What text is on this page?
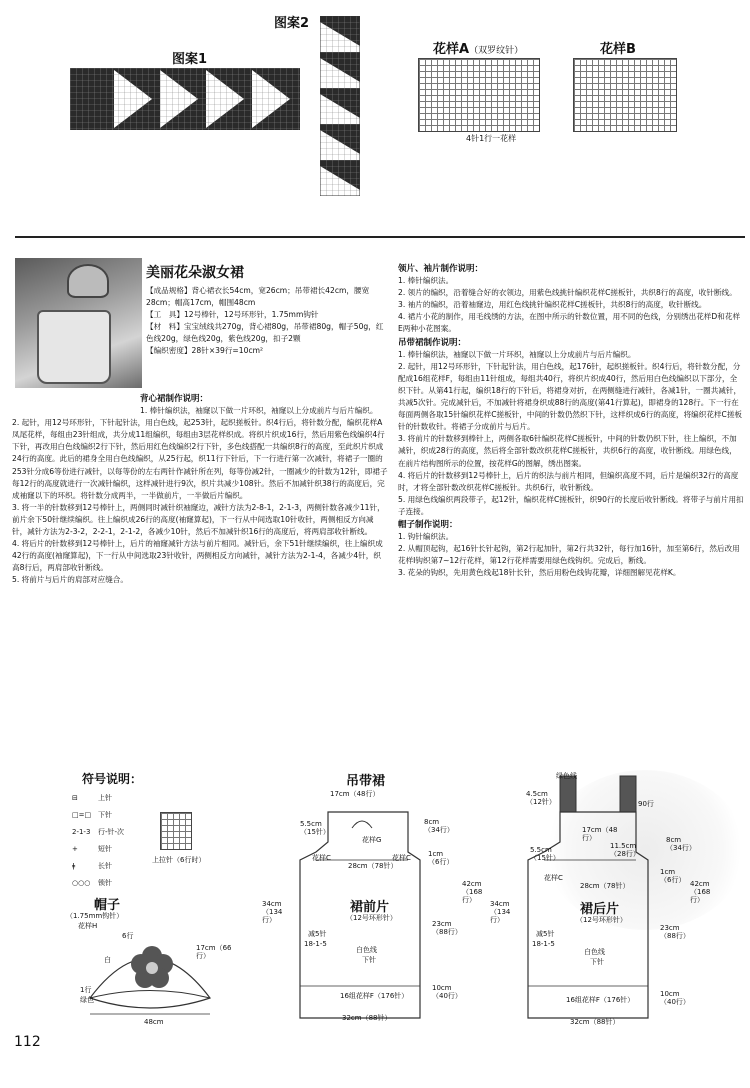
图案2
图案1
花样A（双罗纹针）	花样B
4针1行一花样
美丽花朵淑女裙
【成品规格】背心裙衣长54cm，宽26cm；吊带裙长42cm，腰宽28cm；帽高17cm，帽围48cm
【工　具】12号棒针，12号环形针，1.75mm钩针
【材　料】宝宝绒线共270g，背心裙80g，吊带裙80g，帽子50g，红色线20g，绿色线20g，紫色线20g，扣子2颗
【编织密度】28针×39行=10cm²
背心裙制作说明：
1. 棒针编织法，袖窿以下做一片环织，袖窿以上分成前片与后片编织。
2. 起针，用12号环形针，下针起针法，用白色线，起253针，起织搓板针。织4行后，将针数分配，编织花样A凤尾花样，每组由23针组成，共分成11组编织，每组由3层花样织成。将织片织成16行，然后用紫色线编织4行下针，再改用白色线编织2行下针，然后用红色线编织2行下针，多色线搭配一共编织8行的高度，至此织片织成24行的高度。此后的裙身全用白色线编织，从25行起，织11行下针后，下一行进行第一次减针，将裙子一圈的253针分成6等份进行减针，以每等份的左右两针作减针所在列，每等份减2针，一圈减少的针数为12针，即裙子每12行的高度就进行一次减针编织，这样减针进行9次，织片共减少108针。然后不加减针织38行的高度后，完成袖窿以下的环织。将针数分成两半，一半做前片，一半做后片编织。
3. 将一半的针数移到12号棒针上，两侧同时减针织袖窿边，减针方法为2-8-1，2-1-3，两侧针数各减少11针，前片余下50针继续编织。往上编织成26行的高度(袖窿算起)，下一行从中间选取10针收针，两侧相反方向减针，减针方法为2-3-2，2-2-1，2-1-2，各减少10针，然后不加减针织16行的高度后，将两肩部收针断线。
4. 将后片的针数移到12号棒针上，后片的袖窿减针方法与前片相同。减针后，余下51针继续编织，往上编织成42行的高度(袖窿算起)，下一行从中间选取23针收针，两侧相反方向减针，减针方法为2-1-4，各减少4针，织高8行后，两肩部收针断线。
5. 将前片与后片的肩部对应缝合。
领片、袖片制作说明：
1. 棒针编织法。
2. 领片的编织，沿着缝合好的衣领边，用紫色线挑针编织花样C搓板针，共织8行的高度，收针断线。
3. 袖片的编织，沿着袖窿边，用红色线挑针编织花样C搓板针，共织8行的高度，收针断线。
4. 裙片小花的制作，用毛线绣的方法，在图中所示的针数位置，用不同的色线，分别绣出花样D和花样E两种小花图案。
吊带裙制作说明：
1. 棒针编织法，袖窿以下做一片环织，袖窿以上分成前片与后片编织。
2. 起针，用12号环形针，下针起针法，用白色线，起176针，起织搓板针。织4行后，将针数分配，分配成16组花样F，每组由11针组成，每组共40行，将织片织成40行，然后用白色线编织以下部分，全织下针。从第41行起，编织18行的下针后，将裙身对折，在两侧缝进行减针，各减1针，一圈共减针，共减5次针。完成减针后，不加减针将裙身织成88行的高度(第41行算起)，即裙身的128行。下一行在每面两侧各取15针编织花样C搓板针，中间的针数仍然织下针，这样织成6行的高度，将编织花样C搓板针的针数收针。将裙子分成前片与后片。
3. 将前片的针数移到棒针上，两侧各取6针编织花样C搓板针，中间的针数仍织下针，往上编织，不加减针，织成28行的高度，然后将全部针数改织花样C搓板针，共织6行的高度，收针断线。用绿色线，在前片结构图所示的位置，按花样G的图解，绣出图案。
4. 将后片的针数移到12号棒针上，后片的织法与前片相同，但编织高度不同，后片是编织32行的高度时，才将全部针数改织花样C搓板针。共织6行，收针断线。
5. 用绿色线编织两段带子，起12针，编织花样C搓板针，织90行的长度后收针断线。将带子与前片用扣子连接。
帽子制作说明：
1. 钩针编织法。
2. 从帽顶起钩，起16针长针起钩，第2行起加针，第2行共32针，每行加16针，加至第6行，然后改用花样I钩织第7~12行花样，第12行花样需要用绿色线钩织。完成后，断线。
3. 花朵的钩织，先用黄色线起18针长针，然后用粉色线钩花瓣，详细图解见花样K。
符号说明：
⊟	上针
□=□ 下针
2-1-3 行-针-次
+	短针
ǂ	长针
○○○ 锁针
上拉针（6行时）
帽子
（1.75mm钩针）
花样H
6行
白
17cm（66行）
1行
绿色
48cm
吊带裙
17cm（48行）
5.5cm（15针）
花样G
8cm（34行）
花样C	花样C 1cm（6行）
28cm（78针）
34cm（134行）
42cm（168行）
裙前片
（12号环形针）
减5针
18-1-5
23cm（88行）
白色线
下针
10cm（40行）
16组花样F（176针）
32cm（88针）
绿色线
4.5cm（12针）	90行
17cm（48行）
11.5cm（28行）
5.5cm（15针）
8cm（34行）
花样C
1cm（6行）
28cm（78针）	42cm（168行）
34cm（134行）
裙后片
（12号环形针）
减5针
18-1-5
23cm（88行）
白色线
下针
10cm（40行）
16组花样F（176针）
32cm（88针）
112
